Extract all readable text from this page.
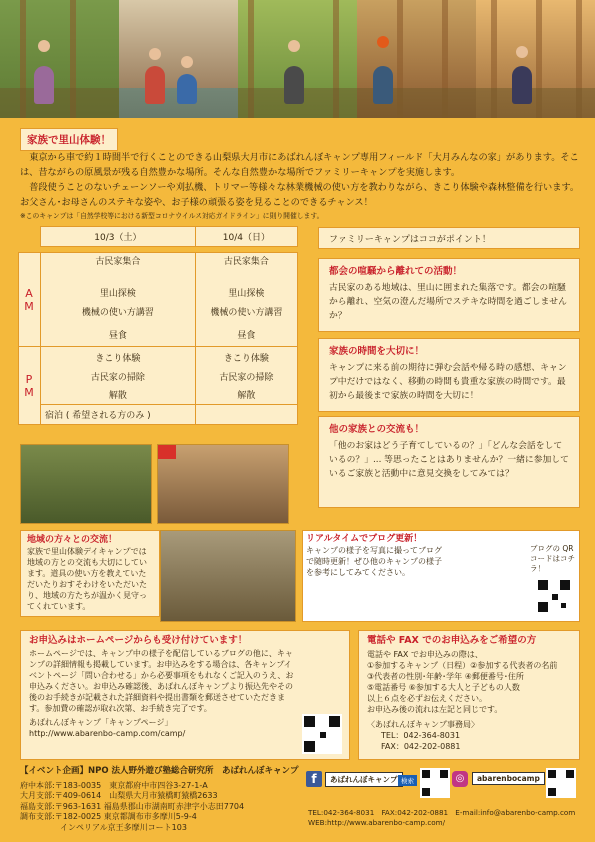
家族で里山体験！

東京から車で約１時間半で行くことのできる山梨県大月市にあばれんぼキャンプ専用フィールド「大月みんなの家」があります。そこは、昔ながらの原風景が残る自然豊かな場所。そんな自然豊かな場所でファミリーキャンプを実施します。

普段使うことのないチェーンソーや刈払機、トリマー等様々な林業機械の使い方を教わりながら、きこり体験や森林整備を行います。お父さん･お母さんのステキな姿や、お子様の頑張る姿を見ることのできるチャンス！

※このキャンプは「自然学校等における新型コロナウイルス対応ガイドライン」に則り開催します。
	10/3（土）	10/4（日）

A M	古民家集合	古民家集合

	里山探検	里山探検
	機械の使い方講習	機械の使い方講習
	昼食	昼食
P M	きこり体験	きこり体験
	古民家の掃除	古民家の掃除
	解散	解散
	宿泊 ( 希望される方のみ )	
ファミリーキャンプはココがポイント！
都会の喧騒から離れての活動！
古民家のある地域は、里山に囲まれた集落です。都会の喧騒から離れ、空気の澄んだ場所でステキな時間を過ごしませんか？
家族の時間を大切に！
キャンプに来る前の期待に弾む会話や帰る時の感想、キャンプ中だけではなく、移動の時間も貴重な家族の時間です。最初から最後まで家族の時間を大切に！
他の家族との交流も！
「他のお家はどう子育てしているの？」「どんな会話をしているの？」... 等思ったことはありませんか？一緒に参加しているご家族と活動中に意見交換をしてみては？
地域の方々との交流！
家族で里山体験デイキャンプでは地域の方との交流も大切にしています。道具の使い方を教えていただいたりおすそわけをいただいたり、地域の方たちが温かく見守ってくれています。
リアルタイムでブログ更新！
キャンプの様子を写真に撮ってブログで随時更新！ぜひ他のキャンプの様子を参考にしてみてください。
ブログの QR コードはコチラ！
お申込みはホームページからも受け付けています！
ホームページでは、キャンプ中の様子を配信しているブログの他に、キャンプの詳細情報も掲載しています。お申込みをする場合は、各キャンプイベントページ「問い合わせる」から必要事項をもれなくご記入のうえ、お申込みください。お申込み確認後、あばれんぼキャンプより振込先やその後のお手続きが記載された詳細資料や提出書類を郵送させていただきます。参加費の確認が取れ次第、お手続き完了です。
あばれんぼキャンプ「キャンプページ」
http://www.abarenbo-camp.com/camp/
電話や FAX でのお申込みをご希望の方
電話や FAX でお申込みの際は、
①参加するキャンプ（日程）②参加する代表者の名前
③代表者の性別･年齢･学年 ④郵便番号･住所
⑤電話番号 ⑥参加する大人と子どもの人数
以上６点を必ずお伝えください。
お申込み後の流れは左記と同じです。
〈あばれんぼキャンプ事務局〉
TEL：042-364-8031
FAX：042-202-0881
【イベント企画】NPO 法人野外遊び塾総合研究所　あばれんぼキャンプ
府中本部:〒183-0035　東京都府中市四谷3-27-1-A
大月支部:〒409-0614　山梨県大月市猿橋町猿橋2633
福島支部:〒963-1631 福島県郡山市湖南町赤津字小志田7704
調布支部:〒182-0025 東京都調布市多摩川5-9-4
　　　　　インペリアル京王多摩川コート103
f	あばれんぼキャンプ 検索	◎	abarenbocamp
TEL:042-364-8031　FAX:042-202-0881　E-mail:info@abarenbo-camp.com
WEB:http://www.abarenbo-camp.com/
